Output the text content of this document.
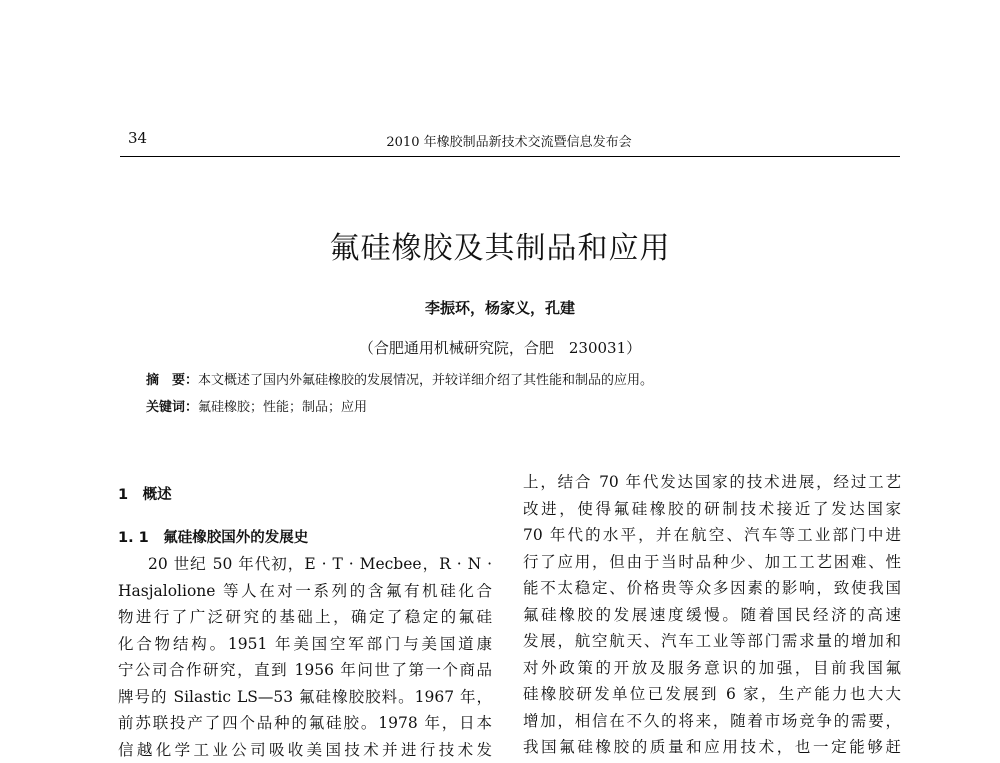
34	2010 年橡胶制品新技术交流暨信息发布会
氟硅橡胶及其制品和应用
李振环，杨家义，孔建
（合肥通用机械研究院，合肥　230031）
摘　要：本文概述了国内外氟硅橡胶的发展情况，并较详细介绍了其性能和制品的应用。
关键词：氟硅橡胶；性能；制品；应用
1　概述
1. 1　氟硅橡胶国外的发展史
20 世纪 50 年代初，E · T · Mecbee，R · N ·
Hasjalolione 等人在对一系列的含氟有机硅化合
物进行了广泛研究的基础上，确定了稳定的氟硅
化合物结构。1951 年美国空军部门与美国道康
宁公司合作研究，直到 1956 年问世了第一个商品
牌号的 Silastic LS—53 氟硅橡胶胶料。1967 年，
前苏联投产了四个品种的氟硅胶。1978 年，日本
信越化学工业公司吸收美国技术并进行技术发
上，结合 70 年代发达国家的技术进展，经过工艺
改进，使得氟硅橡胶的研制技术接近了发达国家
70 年代的水平，并在航空、汽车等工业部门中进
行了应用，但由于当时品种少、加工工艺困难、性
能不太稳定、价格贵等众多因素的影响，致使我国
氟硅橡胶的发展速度缓慢。随着国民经济的高速
发展，航空航天、汽车工业等部门需求量的增加和
对外政策的开放及服务意识的加强，目前我国氟
硅橡胶研发单位已发展到 6 家，生产能力也大大
增加，相信在不久的将来，随着市场竞争的需要，
我国氟硅橡胶的质量和应用技术，也一定能够赶
